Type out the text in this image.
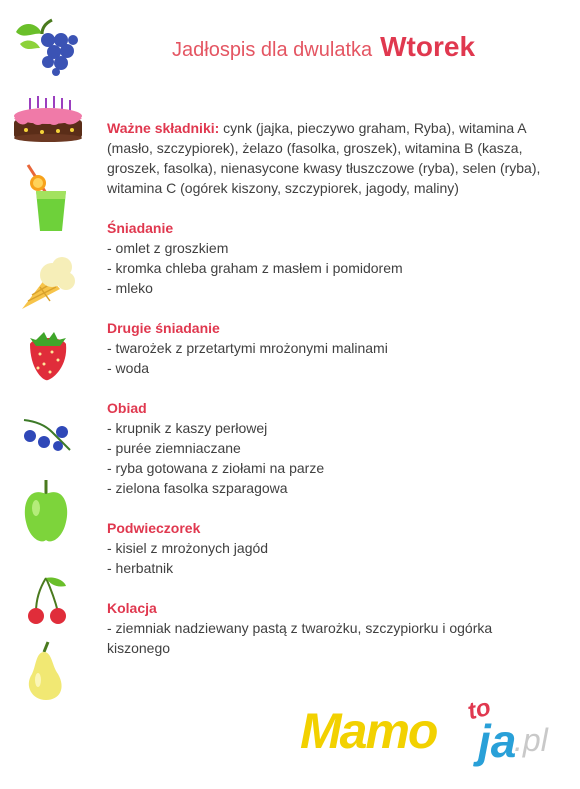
Jadłospis dla dwulatka Wtorek
Ważne składniki: cynk (jajka, pieczywo graham, Ryba), witamina A (masło, szczypiorek), żelazo (fasolka, groszek), witamina B (kasza, groszek, fasolka), nienasycone kwasy tłuszczowe (ryba), selen (ryba), witamina C (ogórek kiszony, szczypiorek, jagody, maliny)
Śniadanie
- omlet z groszkiem
- kromka chleba graham z masłem i pomidorem
- mleko
Drugie śniadanie
- twarożek z przetartymi mrożonymi malinami
- woda
Obiad
- krupnik z kaszy perłowej
- purée ziemniaczane
- ryba gotowana z ziołami na parze
- zielona fasolka szparagowa
Podwieczorek
- kisiel z mrożonych jagód
- herbatnik
Kolacja
- ziemniak nadziewany pastą z twarożku, szczypiorku i ogórka kiszonego
Mamo to
ja
.pl
